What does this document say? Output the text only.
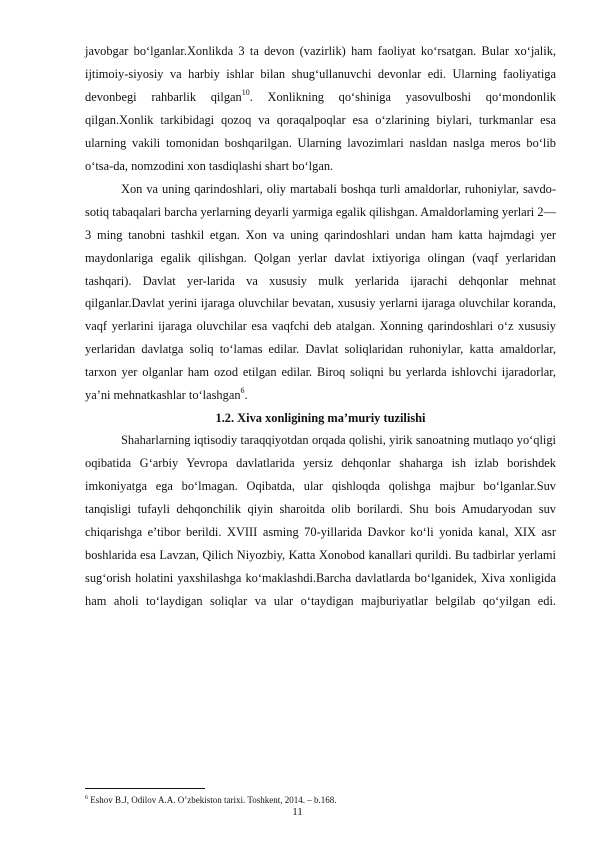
javobgar bo‘lganlar.Xonlikda 3 ta devon (vazirlik) ham faoliyat ko‘rsatgan. Bular xo‘jalik, ijtimoiy-siyosiy va harbiy ishlar bilan shug‘ullanuvchi devonlar edi. Ularning faoliyatiga devonbegi rahbarlik qilgan$^{10}$. Xonlikning qo‘shiniga yasovulboshi qo‘mondonlik qilgan.Xonlik tarkibidagi qozoq va qoraqalpoqlar esa o‘zlarining biylari, turkmanlar esa ularning vakili tomonidan boshqarilgan. Ularning lavozimlari nasldan naslga meros bo‘lib o‘tsa-da, nomzodini xon tasdiqlashi shart bo‘lgan.

Xon va uning qarindoshlari, oliy martabali boshqa turli amaldorlar, ruhoniylar, savdo-sotiq tabaqalari barcha yerlarning deyarli yarmiga egalik qilishgan. Amaldorlaming yerlari 2—3 ming tanobni tashkil etgan. Xon va uning qarindoshlari undan ham katta hajmdagi yer maydonlariga egalik qilishgan. Qolgan yerlar davlat ixtiyoriga olingan (vaqf yerlaridan tashqari). Davlat yer-larida va xususiy mulk yerlarida ijarachi dehqonlar mehnat qilganlar.Davlat yerini ijaraga oluvchilar bevatan, xususiy yerlarni ijaraga oluvchilar koranda, vaqf yerlarini ijaraga oluvchilar esa vaqfchi deb atalgan. Xonning qarindoshlari o‘z xususiy yerlaridan davlatga soliq to‘lamas edilar. Davlat soliqlaridan ruhoniylar, katta amaldorlar, tarxon yer olganlar ham ozod etilgan edilar. Biroq soliqni bu yerlarda ishlovchi ijaradorlar, ya’ni mehnatkashlar to‘lashgan$^6$.

1.2. Xiva xonligining ma’muriy tuzilishi

Shaharlarning iqtisodiy taraqqiyotdan orqada qolishi, yirik sanoatning mutlaqo yo‘qligi oqibatida G‘arbiy Yevropa davlatlarida yersiz dehqonlar shaharga ish izlab borishdek imkoniyatga ega bo‘lmagan. Oqibatda, ular qishloqda qolishga majbur bo‘lganlar.Suv tanqisligi tufayli dehqonchilik qiyin sharoitda olib borilardi. Shu bois Amudaryodan suv chiqarishga e’tibor berildi. XVIII asming 70-yillarida Davkor ko‘li yonida kanal, XIX asr boshlarida esa Lavzan, Qilich Niyozbiy, Katta Xonobod kanallari qurildi. Bu tadbirlar yerlami sug‘orish holatini yaxshilashga ko‘maklashdi.Barcha davlatlarda bo‘lganidek, Xiva xonligida ham aholi to‘laydigan soliqlar va ular o‘taydigan majburiyatlar belgilab qo‘yilgan edi.

$^6$ Eshov B.J, Odilov A.A. O’zbekiston tarixi. Toshkent, 2014. – b.168.
11
